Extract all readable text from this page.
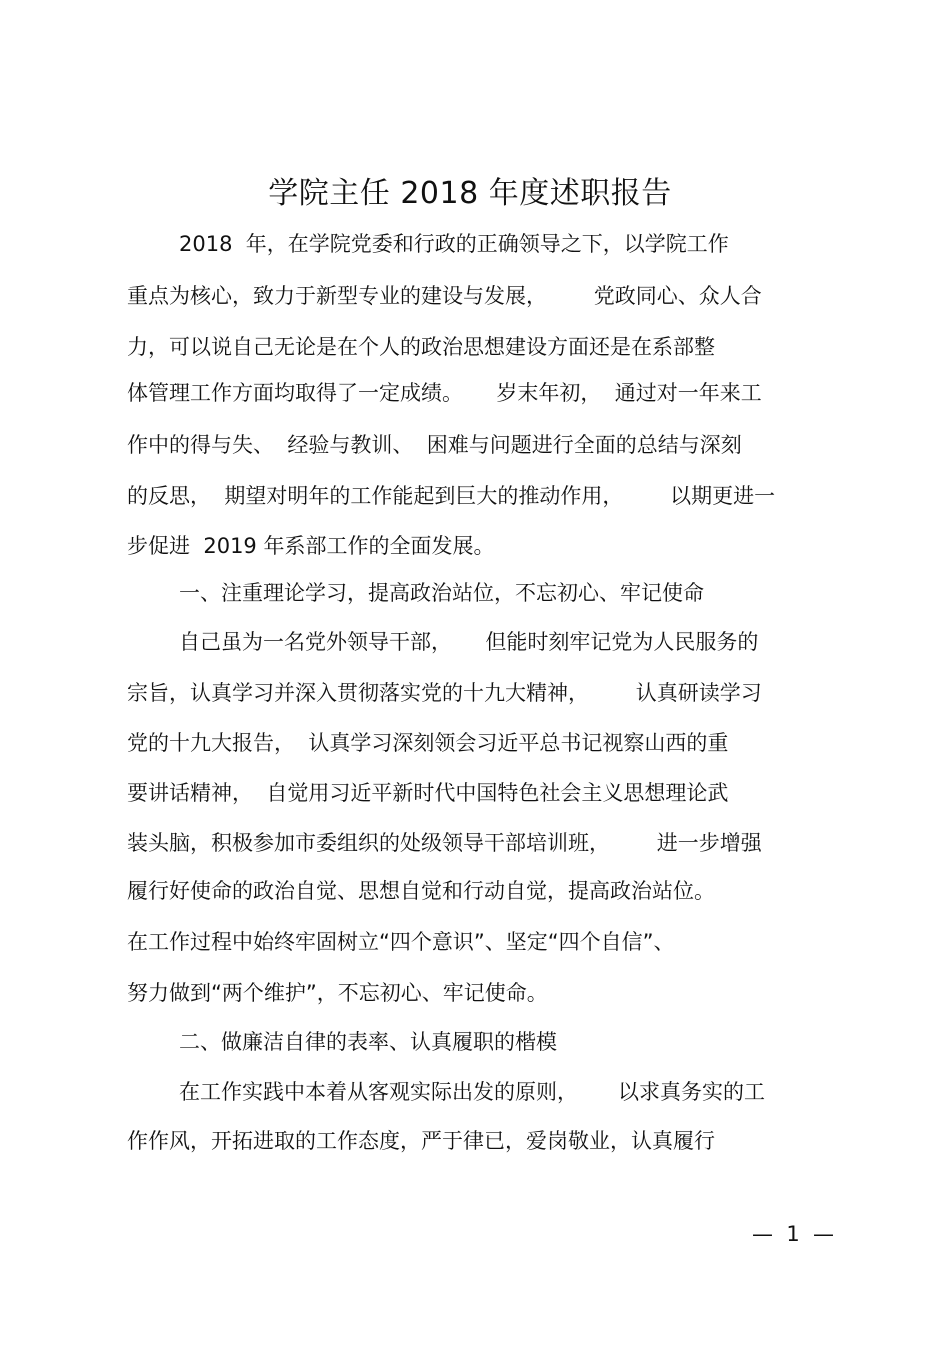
学院主任 2018 年度述职报告
2018  年，在学院党委和行政的正确领导之下，以学院工作
重点为核心，致力于新型专业的建设与发展，       党政同心、众人合
力，可以说自己无论是在个人的政治思想建设方面还是在系部整
体管理工作方面均取得了一定成绩。     岁末年初，  通过对一年来工
作中的得与失、  经验与教训、  困难与问题进行全面的总结与深刻
的反思，  期望对明年的工作能起到巨大的推动作用，       以期更进一
步促进  2019 年系部工作的全面发展。
一、注重理论学习，提高政治站位，不忘初心、牢记使命
自己虽为一名党外领导干部，     但能时刻牢记党为人民服务的
宗旨，认真学习并深入贯彻落实党的十九大精神，       认真研读学习
党的十九大报告，  认真学习深刻领会习近平总书记视察山西的重
要讲话精神，  自觉用习近平新时代中国特色社会主义思想理论武
装头脑，积极参加市委组织的处级领导干部培训班，       进一步增强
履行好使命的政治自觉、思想自觉和行动自觉，提高政治站位。
在工作过程中始终牢固树立“四个意识”、坚定“四个自信”、
努力做到“两个维护”，不忘初心、牢记使命。
二、做廉洁自律的表率、认真履职的楷模
在工作实践中本着从客观实际出发的原则，      以求真务实的工
作作风，开拓进取的工作态度，严于律已，爱岗敬业，认真履行
—  1  —
